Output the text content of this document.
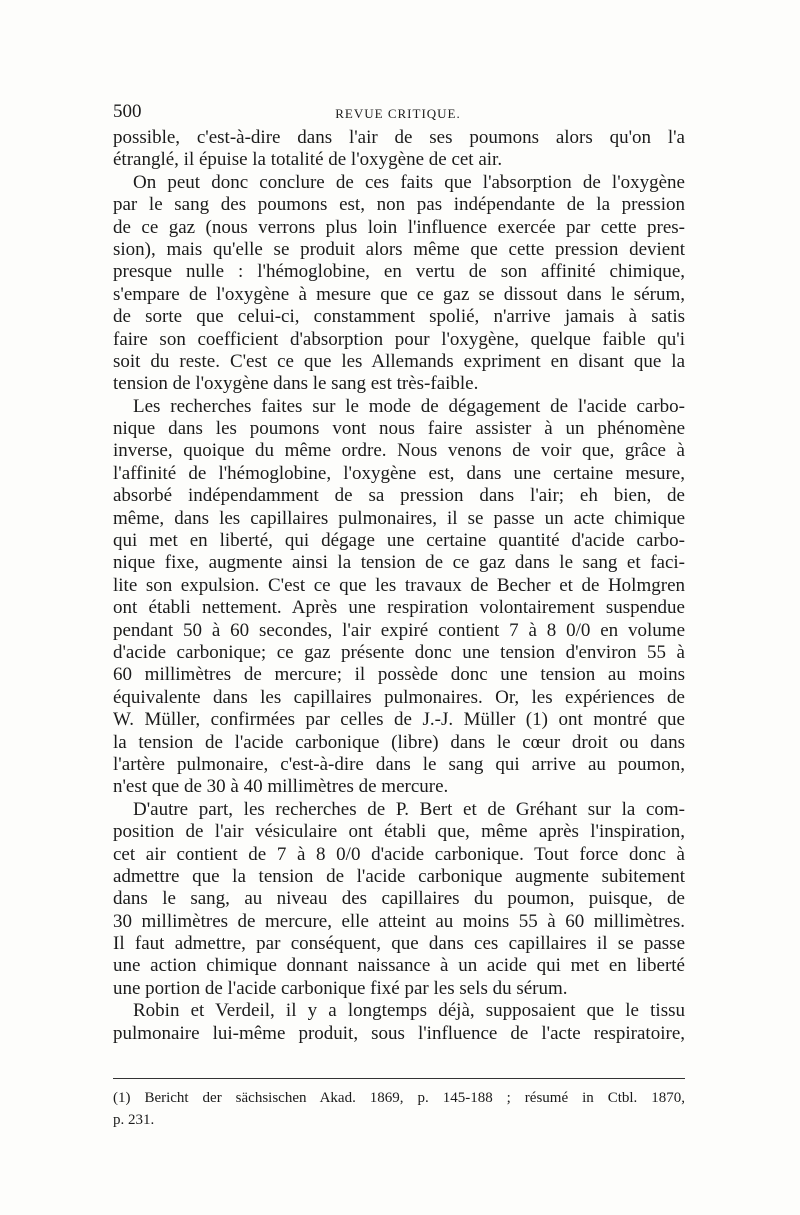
500	REVUE CRITIQUE.
possible, c'est-à-dire dans l'air de ses poumons alors qu'on l'a
étranglé, il épuise la totalité de l'oxygène de cet air.
On peut donc conclure de ces faits que l'absorption de l'oxygène
par le sang des poumons est, non pas indépendante de la pression
de ce gaz (nous verrons plus loin l'influence exercée par cette pres-
sion), mais qu'elle se produit alors même que cette pression devient
presque nulle : l'hémoglobine, en vertu de son affinité chimique,
s'empare de l'oxygène à mesure que ce gaz se dissout dans le sérum,
de sorte que celui-ci, constamment spolié, n'arrive jamais à satis
faire son coefficient d'absorption pour l'oxygène, quelque faible qu'i
soit du reste. C'est ce que les Allemands expriment en disant que la
tension de l'oxygène dans le sang est très-faible.
Les recherches faites sur le mode de dégagement de l'acide carbo-
nique dans les poumons vont nous faire assister à un phénomène
inverse, quoique du même ordre. Nous venons de voir que, grâce à
l'affinité de l'hémoglobine, l'oxygène est, dans une certaine mesure,
absorbé indépendamment de sa pression dans l'air; eh bien, de
même, dans les capillaires pulmonaires, il se passe un acte chimique
qui met en liberté, qui dégage une certaine quantité d'acide carbo-
nique fixe, augmente ainsi la tension de ce gaz dans le sang et faci-
lite son expulsion. C'est ce que les travaux de Becher et de Holmgren
ont établi nettement. Après une respiration volontairement suspendue
pendant 50 à 60 secondes, l'air expiré contient 7 à 8 0/0 en volume
d'acide carbonique; ce gaz présente donc une tension d'environ 55 à
60 millimètres de mercure; il possède donc une tension au moins
équivalente dans les capillaires pulmonaires. Or, les expériences de
W. Müller, confirmées par celles de J.-J. Müller (1) ont montré que
la tension de l'acide carbonique (libre) dans le cœur droit ou dans
l'artère pulmonaire, c'est-à-dire dans le sang qui arrive au poumon,
n'est que de 30 à 40 millimètres de mercure.
D'autre part, les recherches de P. Bert et de Gréhant sur la com-
position de l'air vésiculaire ont établi que, même après l'inspiration,
cet air contient de 7 à 8 0/0 d'acide carbonique. Tout force donc à
admettre que la tension de l'acide carbonique augmente subitement
dans le sang, au niveau des capillaires du poumon, puisque, de
30 millimètres de mercure, elle atteint au moins 55 à 60 millimètres.
Il faut admettre, par conséquent, que dans ces capillaires il se passe
une action chimique donnant naissance à un acide qui met en liberté
une portion de l'acide carbonique fixé par les sels du sérum.
Robin et Verdeil, il y a longtemps déjà, supposaient que le tissu
pulmonaire lui-même produit, sous l'influence de l'acte respiratoire,
(1) Bericht der sächsischen Akad. 1869, p. 145-188 ; résumé in Ctbl. 1870,
p. 231.
